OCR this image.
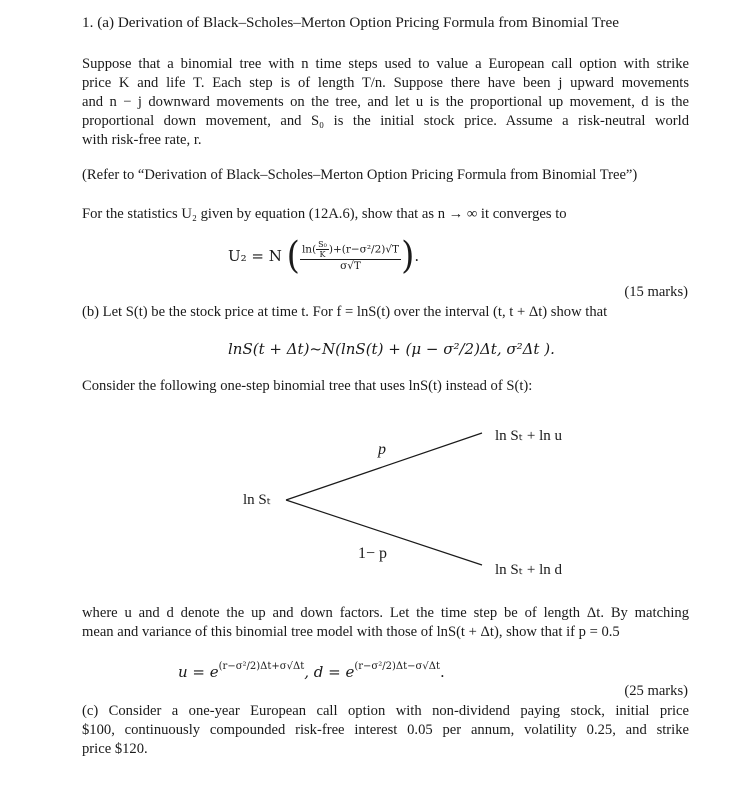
1. (a) Derivation of Black–Scholes–Merton Option Pricing Formula from Binomial Tree
Suppose that a binomial tree with n time steps used to value a European call option with strike
price K and life T. Each step is of length T/n. Suppose there have been j upward movements
and n − j downward movements on the tree, and let u is the proportional up movement, d is the
proportional down movement, and S₀ is the initial stock price. Assume a risk-neutral world
with risk-free rate, r.
(Refer to “Derivation of Black–Scholes–Merton Option Pricing Formula from Binomial Tree”)
For the statistics U₂ given by equation (12A.6), show that as n → ∞ it converges to
U₂ = N ( $\frac{\ln( \frac{\text{S₀}}{K} )+(r-\sigma^2/2)√T}{\sigma√T}$ ).
(15 marks)
(b) Let S(t) be the stock price at time t. For f = lnS(t) over the interval (t, t + Δt) show that
lnS(t + Δt)~N(lnS(t) + (μ − σ²/2)Δt, σ²Δt ).
Consider the following one-step binomial tree that uses lnS(t) instead of S(t):
ln Sₜ + ln u
p
ln Sₜ
1− p
ln Sₜ + ln d
where u and d denote the up and down factors. Let the time step be of length Δt. By matching
mean and variance of this binomial tree model with those of lnS(t + Δt), show that if p = 0.5
$u = e^{(r-\sigma^2/2)\Delta t+\sigma√\Delta t}$, $d = e^{(r-\sigma^2/2)\Delta t-\sigma√\Delta t}$.
(25 marks)
(c) Consider a one-year European call option with non-dividend paying stock, initial price
$100, continuously compounded risk-free interest 0.05 per annum, volatility 0.25, and strike
price $120.
